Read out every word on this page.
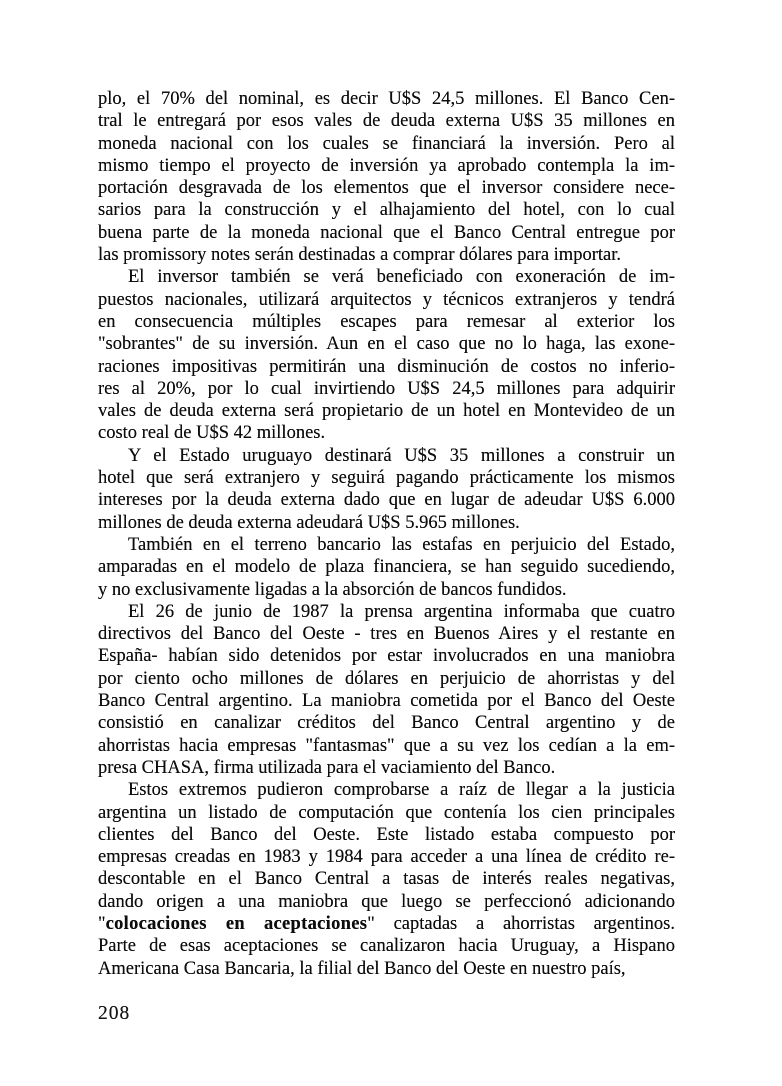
plo, el 70% del nominal, es decir U$S 24,5 millones. El Banco Cen-
tral le entregará por esos vales de deuda externa U$S 35 millones en
moneda nacional con los cuales se financiará la inversión. Pero al
mismo tiempo el proyecto de inversión ya aprobado contempla la im-
portación desgravada de los elementos que el inversor considere nece-
sarios para la construcción y el alhajamiento del hotel, con lo cual
buena parte de la moneda nacional que el Banco Central entregue por
las promissory notes serán destinadas a comprar dólares para importar.

El inversor también se verá beneficiado con exoneración de im-
puestos nacionales, utilizará arquitectos y técnicos extranjeros y tendrá
en consecuencia múltiples escapes para remesar al exterior los
"sobrantes" de su inversión. Aun en el caso que no lo haga, las exone-
raciones impositivas permitirán una disminución de costos no inferio-
res al 20%, por lo cual invirtiendo U$S 24,5 millones para adquirir
vales de deuda externa será propietario de un hotel en Montevideo de un
costo real de U$S 42 millones.

Y el Estado uruguayo destinará U$S 35 millones a construir un
hotel que será extranjero y seguirá pagando prácticamente los mismos
intereses por la deuda externa dado que en lugar de adeudar U$S 6.000
millones de deuda externa adeudará U$S 5.965 millones.

También en el terreno bancario las estafas en perjuicio del Estado,
amparadas en el modelo de plaza financiera, se han seguido sucediendo,
y no exclusivamente ligadas a la absorción de bancos fundidos.

El 26 de junio de 1987 la prensa argentina informaba que cuatro
directivos del Banco del Oeste - tres en Buenos Aires y el restante en
España- habían sido detenidos por estar involucrados en una maniobra
por ciento ocho millones de dólares en perjuicio de ahorristas y del
Banco Central argentino. La maniobra cometida por el Banco del Oeste
consistió en canalizar créditos del Banco Central argentino y de
ahorristas hacia empresas "fantasmas" que a su vez los cedían a la em-
presa CHASA, firma utilizada para el vaciamiento del Banco.

Estos extremos pudieron comprobarse a raíz de llegar a la justicia
argentina un listado de computación que contenía los cien principales
clientes del Banco del Oeste. Este listado estaba compuesto por
empresas creadas en 1983 y 1984 para acceder a una línea de crédito re-
descontable en el Banco Central a tasas de interés reales negativas,
dando origen a una maniobra que luego se perfeccionó adicionando
"colocaciones en aceptaciones" captadas a ahorristas argentinos.
Parte de esas aceptaciones se canalizaron hacia Uruguay, a Hispano
Americana Casa Bancaria, la filial del Banco del Oeste en nuestro país,

208
